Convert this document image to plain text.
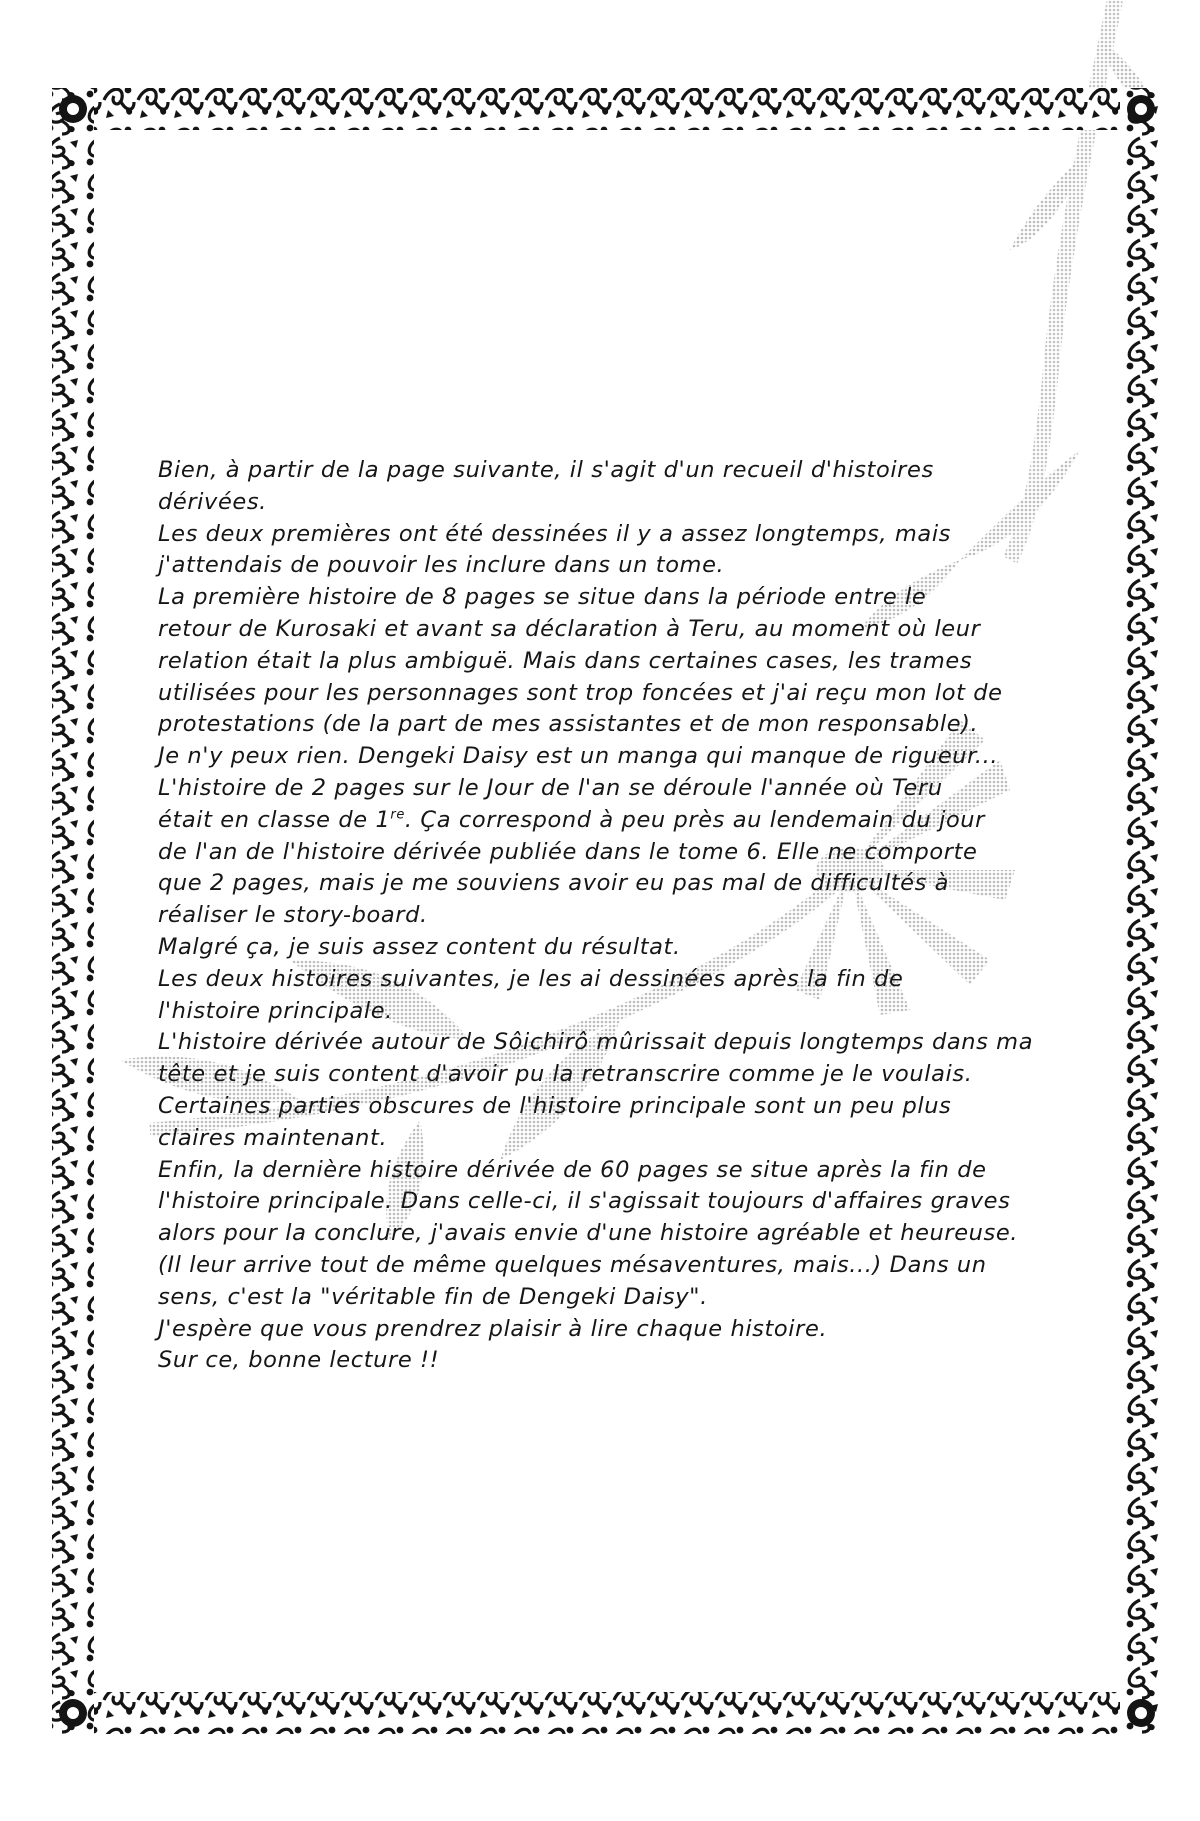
Bien, à partir de la page suivante, il s'agit d'un recueil d'histoires
dérivées.
Les deux premières ont été dessinées il y a assez longtemps, mais
j'attendais de pouvoir les inclure dans un tome.
La première histoire de 8 pages se situe dans la période entre le
retour de Kurosaki et avant sa déclaration à Teru, au moment où leur
relation était la plus ambiguë. Mais dans certaines cases, les trames
utilisées pour les personnages sont trop foncées et j'ai reçu mon lot de
protestations (de la part de mes assistantes et de mon responsable).
Je n'y peux rien. Dengeki Daisy est un manga qui manque de rigueur...
L'histoire de 2 pages sur le Jour de l'an se déroule l'année où Teru
était en classe de 1re. Ça correspond à peu près au lendemain du jour
de l'an de l'histoire dérivée publiée dans le tome 6. Elle ne comporte
que 2 pages, mais je me souviens avoir eu pas mal de difficultés à
réaliser le story-board.
Malgré ça, je suis assez content du résultat.
Les deux histoires suivantes, je les ai dessinées après la fin de
l'histoire principale.
L'histoire dérivée autour de Sôichirô mûrissait depuis longtemps dans ma
tête et je suis content d'avoir pu la retranscrire comme je le voulais.
Certaines parties obscures de l'histoire principale sont un peu plus
claires maintenant.
Enfin, la dernière histoire dérivée de 60 pages se situe après la fin de
l'histoire principale. Dans celle-ci, il s'agissait toujours d'affaires graves
alors pour la conclure, j'avais envie d'une histoire agréable et heureuse.
(Il leur arrive tout de même quelques mésaventures, mais...) Dans un
sens, c'est la "véritable fin de Dengeki Daisy".
J'espère que vous prendrez plaisir à lire chaque histoire.
Sur ce, bonne lecture !!
